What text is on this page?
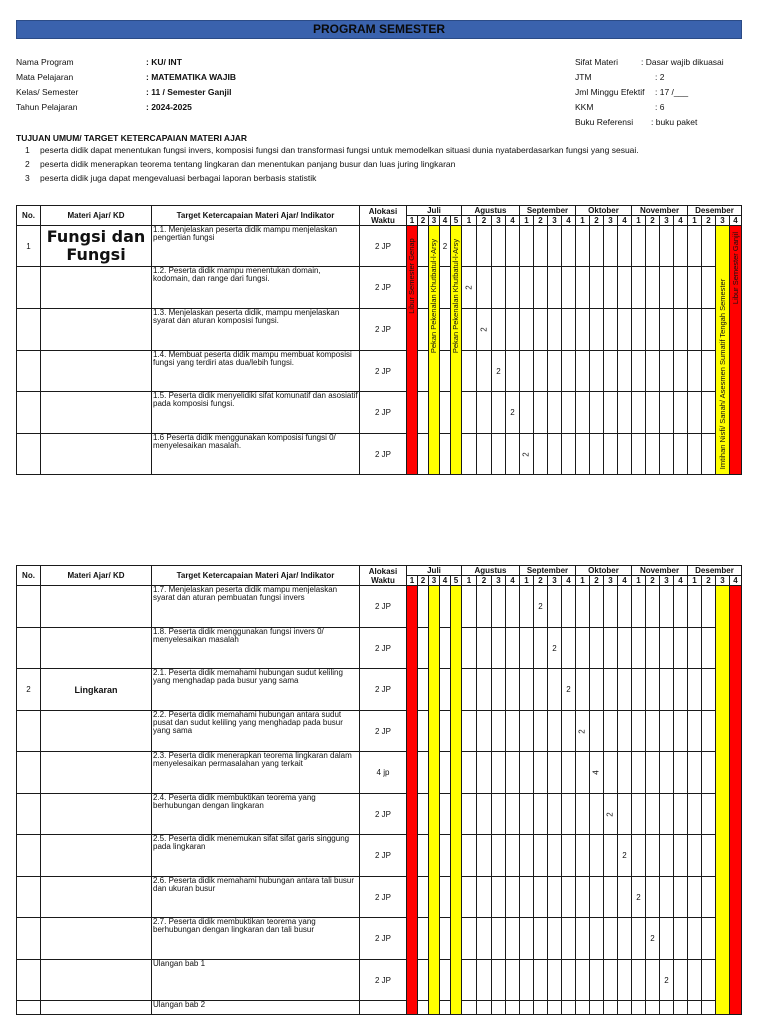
PROGRAM SEMESTER
Nama Program	: KU/ INT
Mata Pelajaran	: MATEMATIKA WAJIB
Kelas/ Semester	: 11 / Semester Ganjil
Tahun Pelajaran	: 2024-2025
Sifat Materi	: Dasar wajib dikuasai
JTM	: 2
Jml Minggu Efektif : 17 /___
KKM	: 6
Buku Referensi : buku paket
TUJUAN UMUM/ TARGET KETERCAPAIAN MATERI AJAR
1 peserta didik dapat menentukan fungsi invers, komposisi fungsi dan transformasi fungsi untuk memodelkan situasi dunia nyataberdasarkan fungsi yang sesuai.
2 peserta didik menerapkan teorema tentang lingkaran dan menentukan panjang busur dan luas juring lingkaran
3 peserta didik juga dapat mengevaluasi berbagai laporan berbasis statistik
No.	Materi Ajar/ KD	Target Ketercapaian Materi Ajar/ Indikator	Alokasi Waktu	Juli					Agustus				September				Oktober				November				Desember			
				1	2	3	4	5	1	2	3	4	1	2	3	4	1	2	3	4	1	2	3	4	1	2	3	4
1	Fungsi dan Fungsi	1.1. Menjelaskan peserta didik mampu menjelaskan pengertian fungsi	2 JP	Libur Semester Genap		Pekan Pekenalan Khutbatul-l-Arsy	2	Pekan Pekenalan Khutbatul-l-Arsy																			Imtihan Nisfi/ Sanah/ Asesmen Sumatif Tengah Semester	Libur Semester Ganjil

		1.2. Peserta didik mampu menentukan domain, kodomain, dan range dari fungsi.	2 JP						2																			
		1.3. Menjelaskan peserta didik, mampu menjelaskan syarat dan aturan komposisi fungsi.	2 JP							2																		
		1.4. Membuat peserta didik mampu membuat komposisi fungsi yang terdiri atas dua/lebih fungsi.	2 JP								2																	
		1.5. Peserta didik menyelidiki sifat komunatif dan asosiatif pada komposisi fungsi.	2 JP									2																
		1.6 Peserta didik menggunakan komposisi fungsi 0/ menyelesaikan masalah.	2 JP										2															
No.	Materi Ajar/ KD	Target Ketercapaian Materi Ajar/ Indikator	Alokasi Waktu	Juli					Agustus				September				Oktober				November				Desember			
				1	2	3	4	5	1	2	3	4	1	2	3	4	1	2	3	4	1	2	3	4	1	2	3	4
		1.7. Menjelaskan peserta didik mampu menjelaskan syarat dan aturan pembuatan fungsi invers	2 JP											2														
		1.8. Peserta didik menggunakan fungsi invers 0/ menyelesaikan masalah	2 JP												2													
2	Lingkaran	2.1. Peserta didik memahami hubungan sudut keliling yang menghadap pada busur yang sama	2 JP													2												
		2.2. Peserta didik memahami hubungan antara sudut pusat dan sudut keliling yang menghadap pada busur yang sama	2 JP														2											
		2.3. Peserta didik menerapkan teorema lingkaran dalam menyelesaikan permasalahan yang terkait	4 jp															4										
		2.4. Peserta didik membuktikan teorema yang berhubungan dengan lingkaran	2 JP																2									
		2.5. Peserta didik menemukan sifat sifat garis singgung pada lingkaran	2 JP																	2								
		2.6. Peserta didik memahami hubungan antara tali busur dan ukuran busur	2 JP																		2							
		2.7. Peserta didik membuktikan teorema yang berhubungan dengan lingkaran dan tali busur	2 JP																			2						
		Ulangan bab 1	2 JP																				2					
		Ulangan bab 2																										
